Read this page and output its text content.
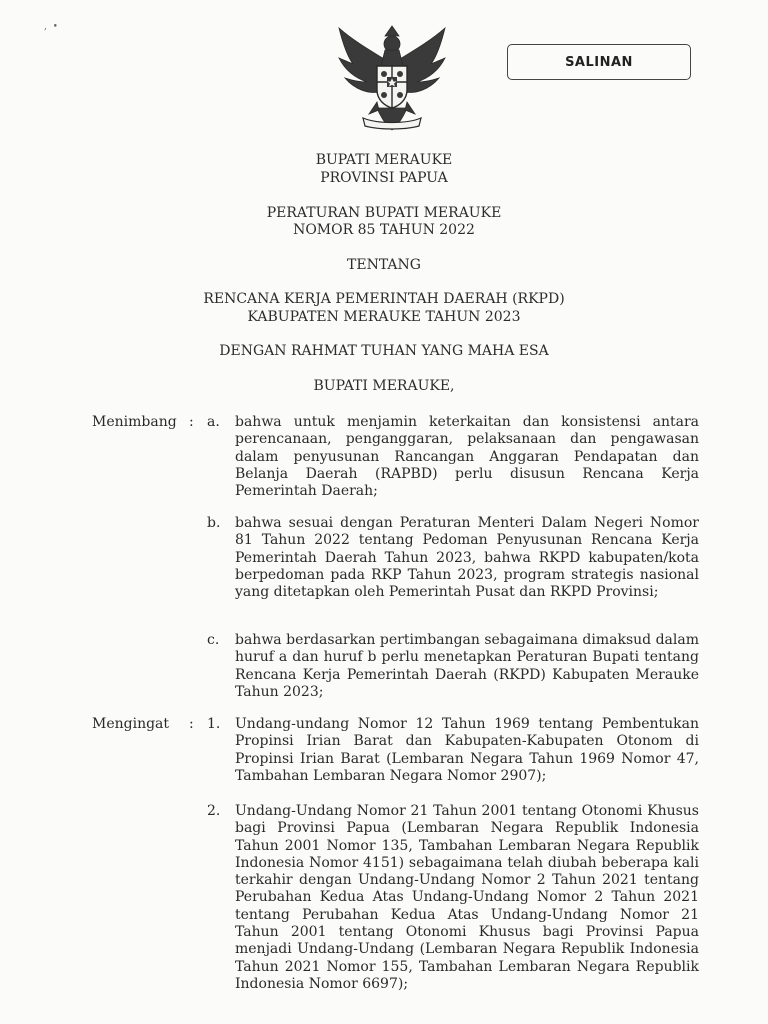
,  •
SALINAN
BUPATI MERAUKE
PROVINSI PAPUA
PERATURAN BUPATI MERAUKE
NOMOR 85 TAHUN 2022
TENTANG
RENCANA KERJA PEMERINTAH DAERAH (RKPD)
KABUPATEN MERAUKE TAHUN 2023
DENGAN RAHMAT TUHAN YANG MAHA ESA
BUPATI MERAUKE,
Menimbang : a. bahwa untuk menjamin keterkaitan dan konsistensi antara perencanaan, penganggaran, pelaksanaan dan pengawasan dalam penyusunan Rancangan Anggaran Pendapatan dan Belanja Daerah (RAPBD) perlu disusun Rencana Kerja Pemerintah Daerah;
b. bahwa sesuai dengan Peraturan Menteri Dalam Negeri Nomor 81 Tahun 2022 tentang Pedoman Penyusunan Rencana Kerja Pemerintah Daerah Tahun 2023, bahwa RKPD kabupaten/kota berpedoman pada RKP Tahun 2023, program strategis nasional yang ditetapkan oleh Pemerintah Pusat dan RKPD Provinsi;
c. bahwa berdasarkan pertimbangan sebagaimana dimaksud dalam huruf a dan huruf b perlu menetapkan Peraturan Bupati tentang Rencana Kerja Pemerintah Daerah (RKPD) Kabupaten Merauke Tahun 2023;
Mengingat : 1. Undang-undang Nomor 12 Tahun 1969 tentang Pembentukan Propinsi Irian Barat dan Kabupaten-Kabupaten Otonom di Propinsi Irian Barat (Lembaran Negara Tahun 1969 Nomor 47, Tambahan Lembaran Negara Nomor 2907);
2. Undang-Undang Nomor 21 Tahun 2001 tentang Otonomi Khusus bagi Provinsi Papua (Lembaran Negara Republik Indonesia Tahun 2001 Nomor 135, Tambahan Lembaran Negara Republik Indonesia Nomor 4151) sebagaimana telah diubah beberapa kali terkahir dengan Undang-Undang Nomor 2 Tahun 2021 tentang Perubahan Kedua Atas Undang-Undang Nomor 2 Tahun 2021 tentang Perubahan Kedua Atas Undang-Undang Nomor 21 Tahun 2001 tentang Otonomi Khusus bagi Provinsi Papua menjadi Undang-Undang (Lembaran Negara Republik Indonesia Tahun 2021 Nomor 155, Tambahan Lembaran Negara Republik Indonesia Nomor 6697);
